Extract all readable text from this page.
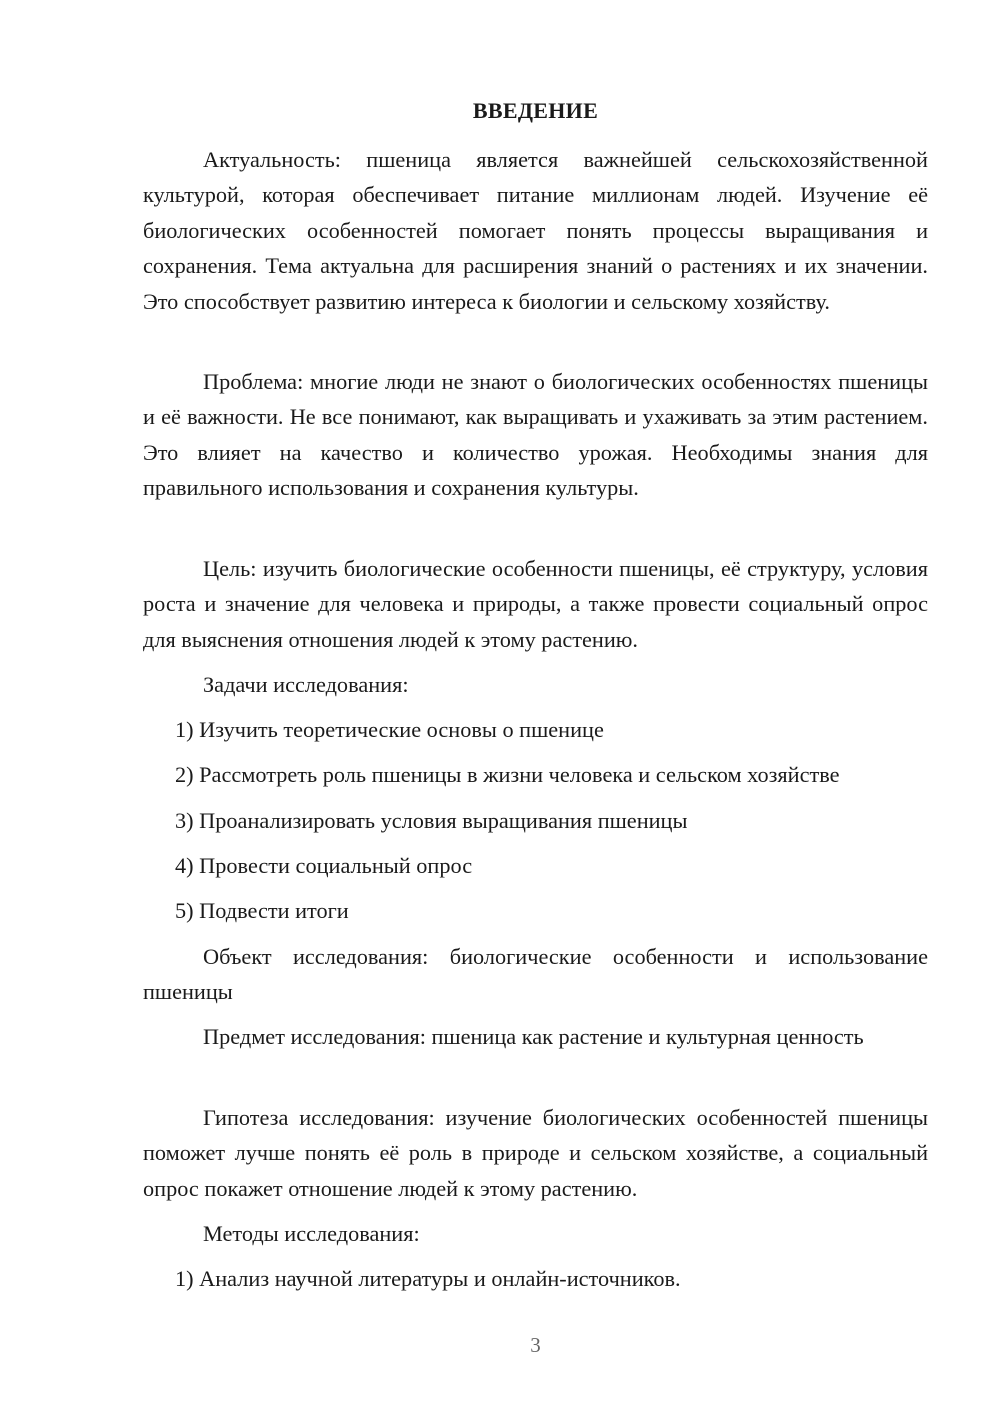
ВВЕДЕНИЕ

Актуальность: пшеница является важнейшей сельскохозяйственной культурой, которая обеспечивает питание миллионам людей. Изучение её биологических особенностей помогает понять процессы выращивания и сохранения. Тема актуальна для расширения знаний о растениях и их значении. Это способствует развитию интереса к биологии и сельскому хозяйству.

Проблема: многие люди не знают о биологических особенностях пшеницы и её важности. Не все понимают, как выращивать и ухаживать за этим растением. Это влияет на качество и количество урожая. Необходимы знания для правильного использования и сохранения культуры.

Цель: изучить биологические особенности пшеницы, её структуру, условия роста и значение для человека и природы, а также провести социальный опрос для выяснения отношения людей к этому растению.

Задачи исследования:

1) Изучить теоретические основы о пшенице

2) Рассмотреть роль пшеницы в жизни человека и сельском хозяйстве

3) Проанализировать условия выращивания пшеницы

4) Провести социальный опрос

5) Подвести итоги

Объект исследования: биологические особенности и использование пшеницы

Предмет исследования: пшеница как растение и культурная ценность

Гипотеза исследования: изучение биологических особенностей пшеницы поможет лучше понять её роль в природе и сельском хозяйстве, а социальный опрос покажет отношение людей к этому растению.

Методы исследования:

1) Анализ научной литературы и онлайн-источников.

3
